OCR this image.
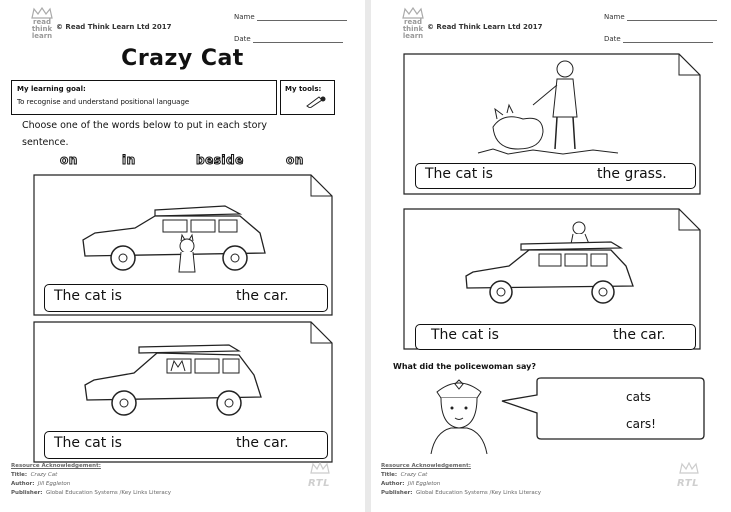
read
think
learn
© Read Think Learn Ltd 2017
Name
Date
Crazy Cat
My learning goal:
To recognise and understand positional language
My tools:
Choose one of the words below to put in each story sentence.
on	in	beside	on
The cat is	the car.
The cat is	the car.
Resource Acknowledgement:
Title: Crazy Cat
Author: Jill Eggleton
Publisher: Global Education Systems /Key Links Literacy
RTL
read
think
learn
© Read Think Learn Ltd 2017
Name
Date
The cat is	the grass.
The cat is	the car.
What did the policewoman say?
cats
cars!
Resource Acknowledgement:
Title: Crazy Cat
Author: Jill Eggleton
Publisher: Global Education Systems /Key Links Literacy
RTL
